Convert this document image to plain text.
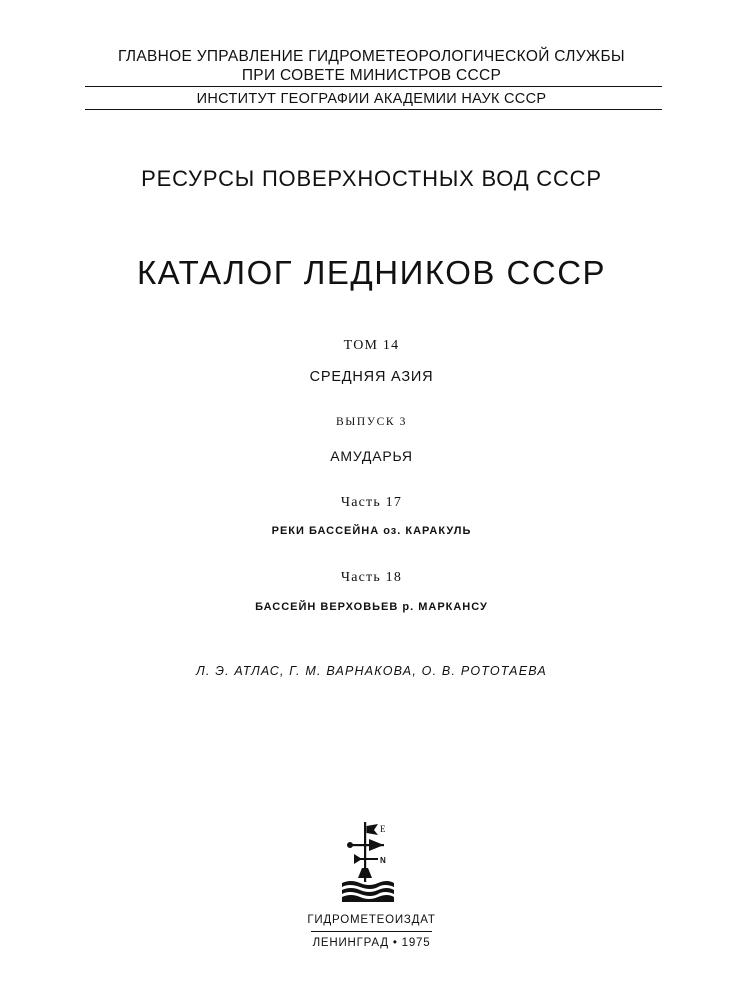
ГЛАВНОЕ УПРАВЛЕНИЕ ГИДРОМЕТЕОРОЛОГИЧЕСКОЙ СЛУЖБЫ
ПРИ СОВЕТЕ МИНИСТРОВ СССР
ИНСТИТУТ ГЕОГРАФИИ АКАДЕМИИ НАУК СССР
РЕСУРСЫ ПОВЕРХНОСТНЫХ ВОД СССР
КАТАЛОГ ЛЕДНИКОВ СССР
ТОМ 14
СРЕДНЯЯ АЗИЯ
ВЫПУСК 3
АМУДАРЬЯ
Часть 17
РЕКИ БАССЕЙНА оз. КАРАКУЛЬ
Часть 18
БАССЕЙН ВЕРХОВЬЕВ р. МАРКАНСУ
Л. Э. АТЛАС, Г. М. ВАРНАКОВА, О. В. РОТОТАЕВА
E
N
ГИДРОМЕТЕОИЗДАТ
ЛЕНИНГРАД • 1975
